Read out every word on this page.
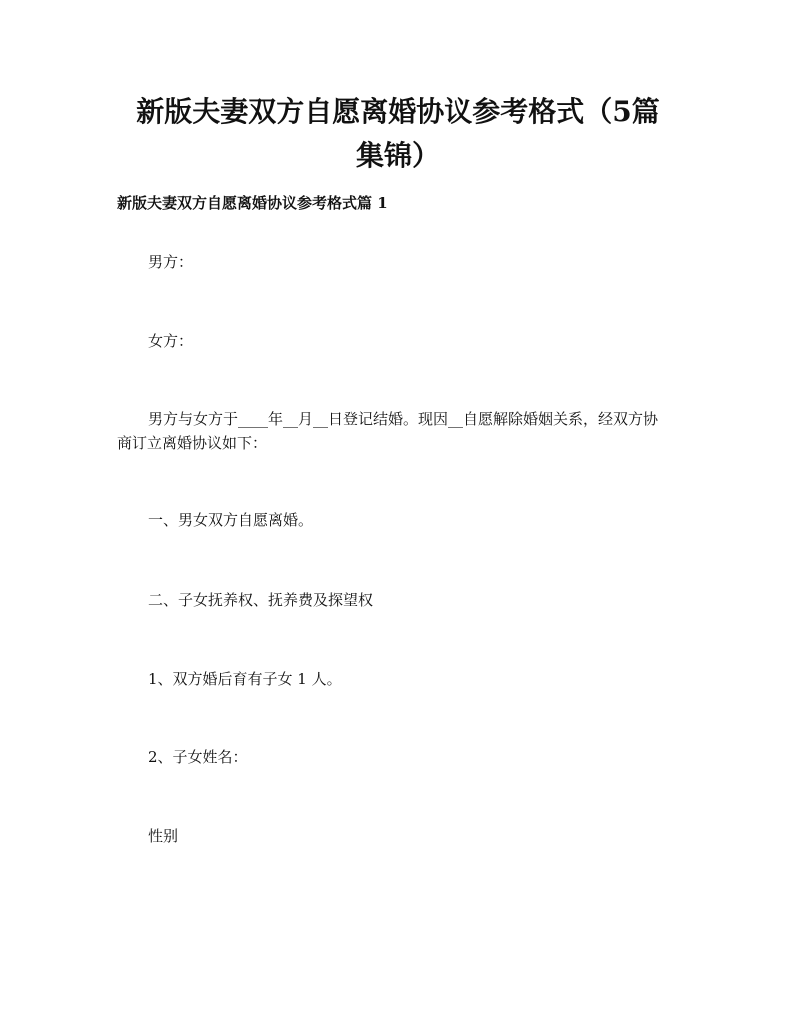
新版夫妻双方自愿离婚协议参考格式（5篇
集锦）

新版夫妻双方自愿离婚协议参考格式篇 1

男方：

女方：

男方与女方于____年__月__日登记结婚。现因__自愿解除婚姻关系，经双方协

商订立离婚协议如下：

一、男女双方自愿离婚。

二、子女抚养权、抚养费及探望权

1、双方婚后育有子女 1 人。

2、子女姓名：

性别
